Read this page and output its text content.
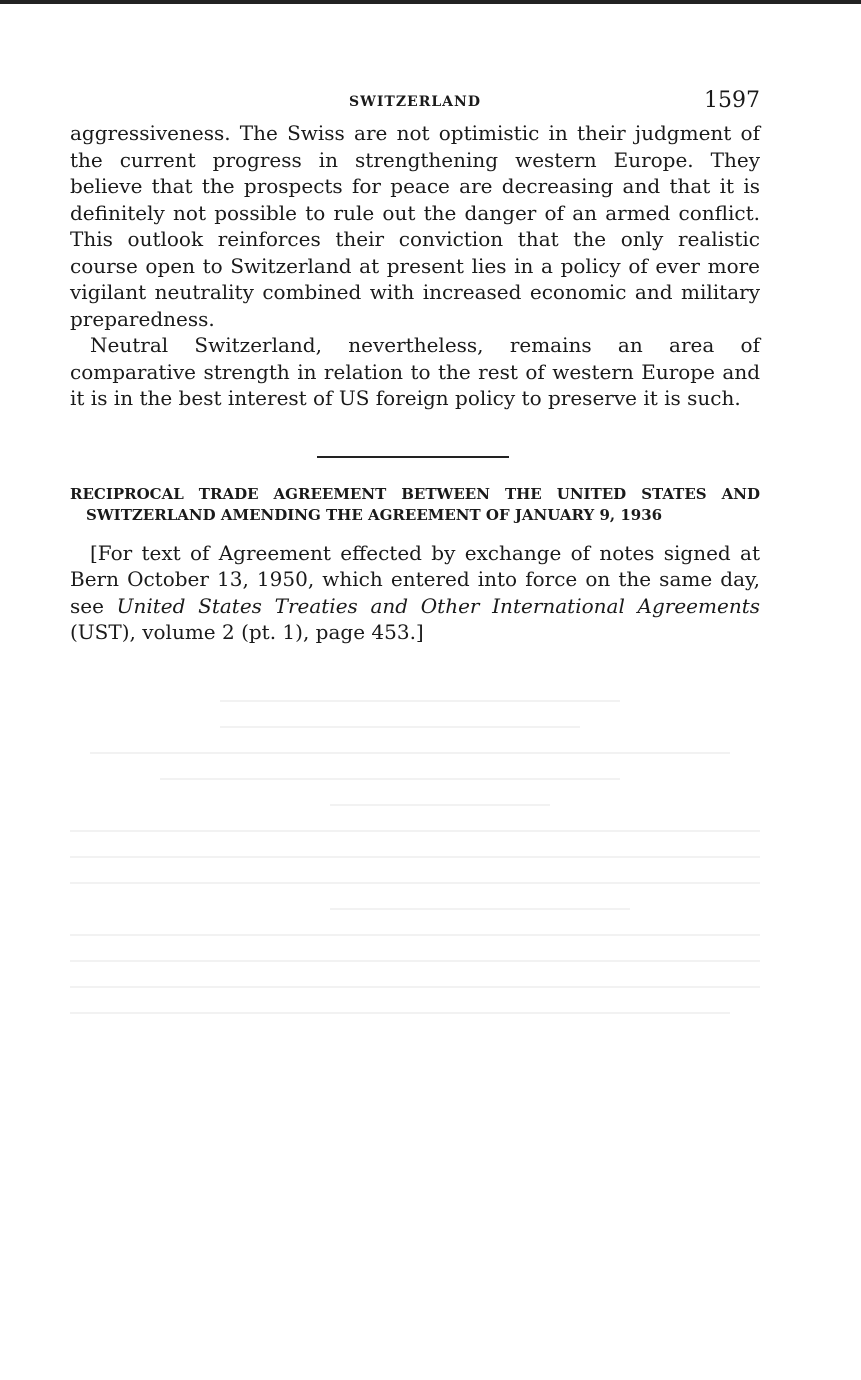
SWITZERLAND	1597

aggressiveness. The Swiss are not optimistic in their judgment of the current progress in strengthening western Europe. They believe that the prospects for peace are decreasing and that it is definitely not possible to rule out the danger of an armed conflict. This outlook reinforces their conviction that the only realistic course open to Switzerland at present lies in a policy of ever more vigilant neutrality combined with increased economic and military preparedness.

Neutral Switzerland, nevertheless, remains an area of comparative strength in relation to the rest of western Europe and it is in the best interest of US foreign policy to preserve it is such.

RECIPROCAL TRADE AGREEMENT BETWEEN THE UNITED STATES AND SWITZERLAND AMENDING THE AGREEMENT OF JANUARY 9, 1936

[For text of Agreement effected by exchange of notes signed at Bern October 13, 1950, which entered into force on the same day, see United States Treaties and Other International Agreements (UST), volume 2 (pt. 1), page 453.]
